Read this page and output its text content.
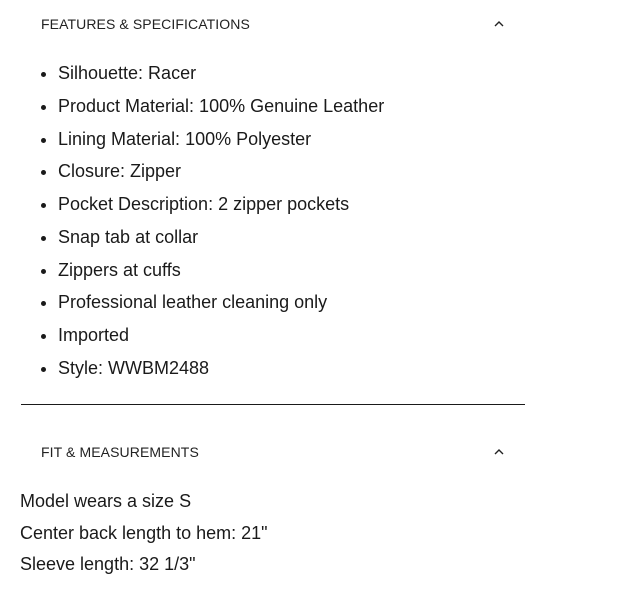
FEATURES & SPECIFICATIONS
• Silhouette: Racer
• Product Material: 100% Genuine Leather
• Lining Material: 100% Polyester
• Closure: Zipper
• Pocket Description: 2 zipper pockets
• Snap tab at collar
• Zippers at cuffs
• Professional leather cleaning only
• Imported
• Style: WWBM2488
FIT & MEASUREMENTS
Model wears a size S
Center back length to hem: 21"
Sleeve length: 32 1/3"
